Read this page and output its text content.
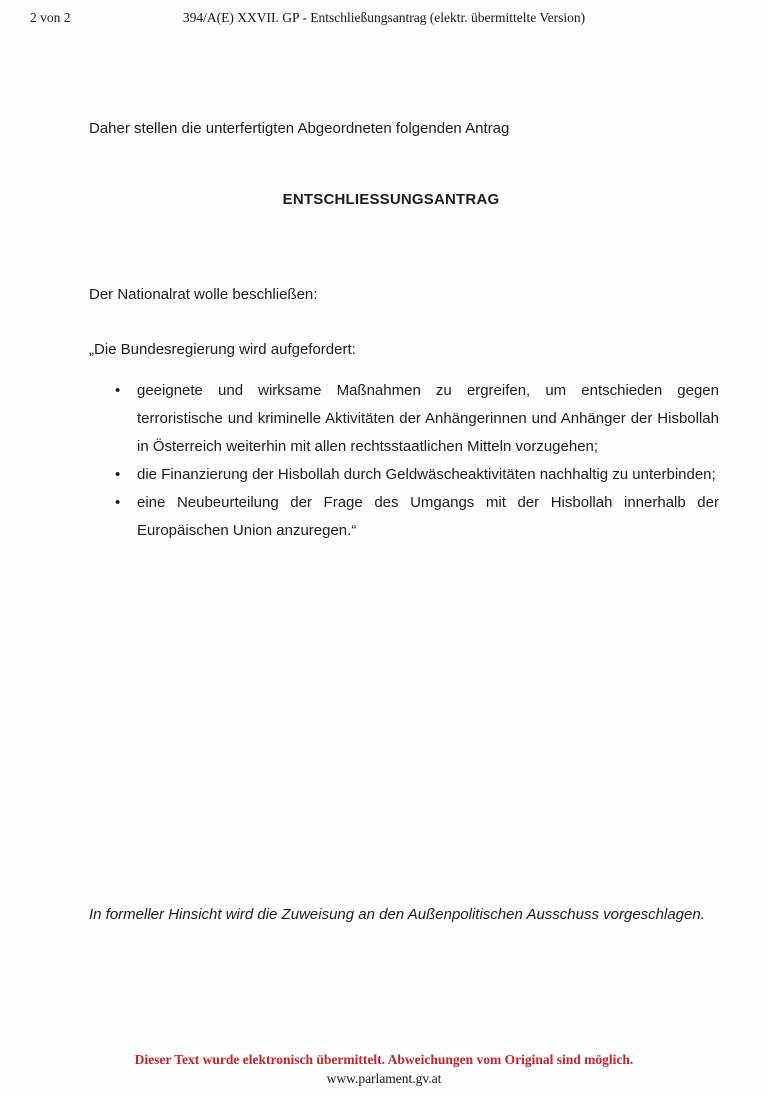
2 von 2	394/A(E) XXVII. GP - Entschließungsantrag (elektr. übermittelte Version)

Daher stellen die unterfertigten Abgeordneten folgenden Antrag

ENTSCHLIESSUNGSANTRAG

Der Nationalrat wolle beschließen:

„Die Bundesregierung wird aufgefordert:

• geeignete und wirksame Maßnahmen zu ergreifen, um entschieden gegen terroristische und kriminelle Aktivitäten der Anhängerinnen und Anhänger der Hisbollah in Österreich weiterhin mit allen rechtsstaatlichen Mitteln vorzugehen;
• die Finanzierung der Hisbollah durch Geldwäscheaktivitäten nachhaltig zu unterbinden;
• eine Neubeurteilung der Frage des Umgangs mit der Hisbollah innerhalb der Europäischen Union anzuregen.“

In formeller Hinsicht wird die Zuweisung an den Außenpolitischen Ausschuss vorgeschlagen.

Dieser Text wurde elektronisch übermittelt. Abweichungen vom Original sind möglich.
www.parlament.gv.at
